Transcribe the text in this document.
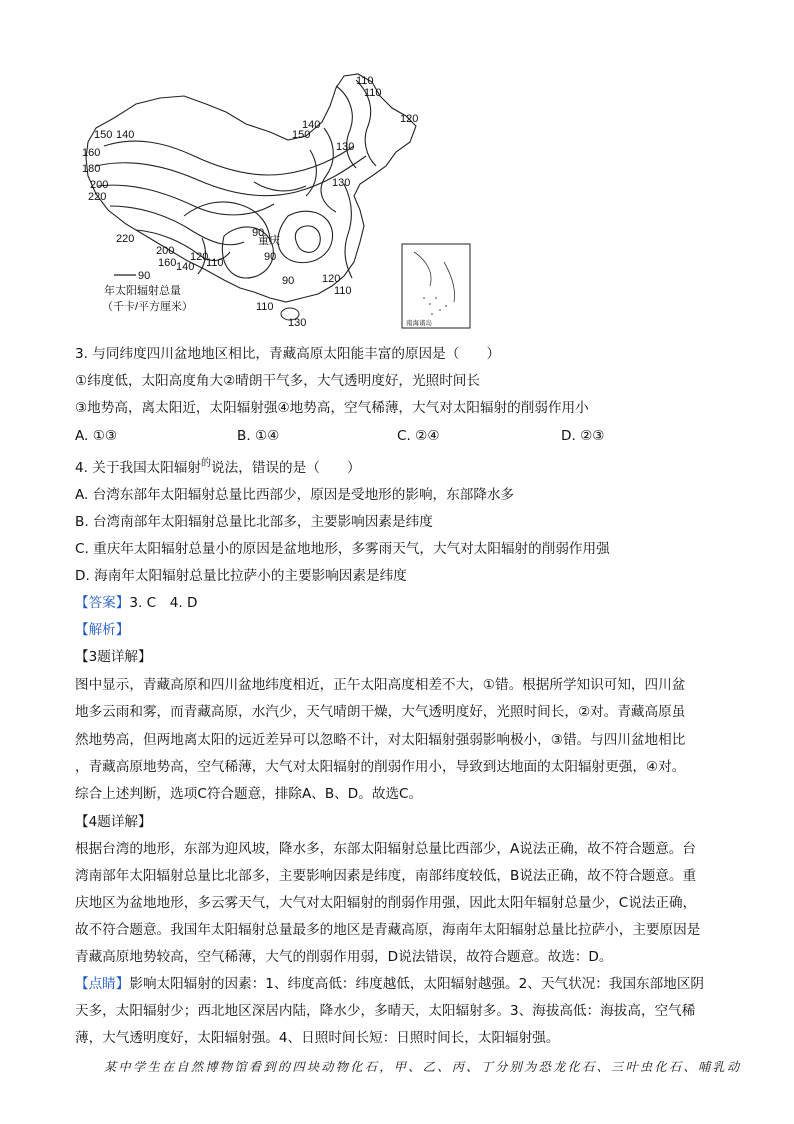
110
110
120
140
150
150 140
130
130
160
180
200
220
220
200
160 140
120
110
90
90
120
110
110
130
90
重庆
90
年太阳辐射总量
（千卡/平方厘米）
南海诸岛
3. 与同纬度四川盆地地区相比，青藏高原太阳能丰富的原因是（　　）
①纬度低，太阳高度角大②晴朗干气多，大气透明度好，光照时间长
③地势高，离太阳近，太阳辐射强④地势高，空气稀薄，大气对太阳辐射的削弱作用小
A. ①③	B. ①④	C. ②④	D. ②③
4. 关于我国太阳辐射$^的$说法，错误的是（　　）
A. 台湾东部年太阳辐射总量比西部少，原因是受地形的影响，东部降水多
B. 台湾南部年太阳辐射总量比北部多，主要影响因素是纬度
C. 重庆年太阳辐射总量小的原因是盆地地形，多雾雨天气，大气对太阳辐射的削弱作用强
D. 海南年太阳辐射总量比拉萨小的主要影响因素是纬度
【答案】3. C　4. D
【解析】
【3题详解】
图中显示，青藏高原和四川盆地纬度相近，正午太阳高度相差不大，①错。根据所学知识可知，四川盆
地多云雨和雾，而青藏高原，水汽少，天气晴朗干燥，大气透明度好，光照时间长，②对。青藏高原虽
然地势高，但两地离太阳的远近差异可以忽略不计，对太阳辐射强弱影响极小，③错。与四川盆地相比
，青藏高原地势高，空气稀薄，大气对太阳辐射的削弱作用小，导致到达地面的太阳辐射更强，④对。
综合上述判断，选项C符合题意，排除A、B、D。故选C。
【4题详解】
根据台湾的地形，东部为迎风坡，降水多，东部太阳辐射总量比西部少，A说法正确，故不符合题意。台
湾南部年太阳辐射总量比北部多，主要影响因素是纬度，南部纬度较低，B说法正确，故不符合题意。重
庆地区为盆地地形，多云雾天气，大气对太阳辐射的削弱作用强，因此太阳年辐射总量少，C说法正确，
故不符合题意。我国年太阳辐射总量最多的地区是青藏高原，海南年太阳辐射总量比拉萨小，主要原因是
青藏高原地势较高，空气稀薄，大气的削弱作用弱，D说法错误，故符合题意。故选：D。
【点睛】影响太阳辐射的因素：1、纬度高低：纬度越低，太阳辐射越强。2、天气状况：我国东部地区阴
天多，太阳辐射少；西北地区深居内陆，降水少，多晴天，太阳辐射多。3、海拔高低：海拔高，空气稀
薄，大气透明度好，太阳辐射强。4、日照时间长短：日照时间长，太阳辐射强。
某中学生在自然博物馆看到的四块动物化石，甲、乙、丙、丁分别为恐龙化石、三叶虫化石、哺乳动
